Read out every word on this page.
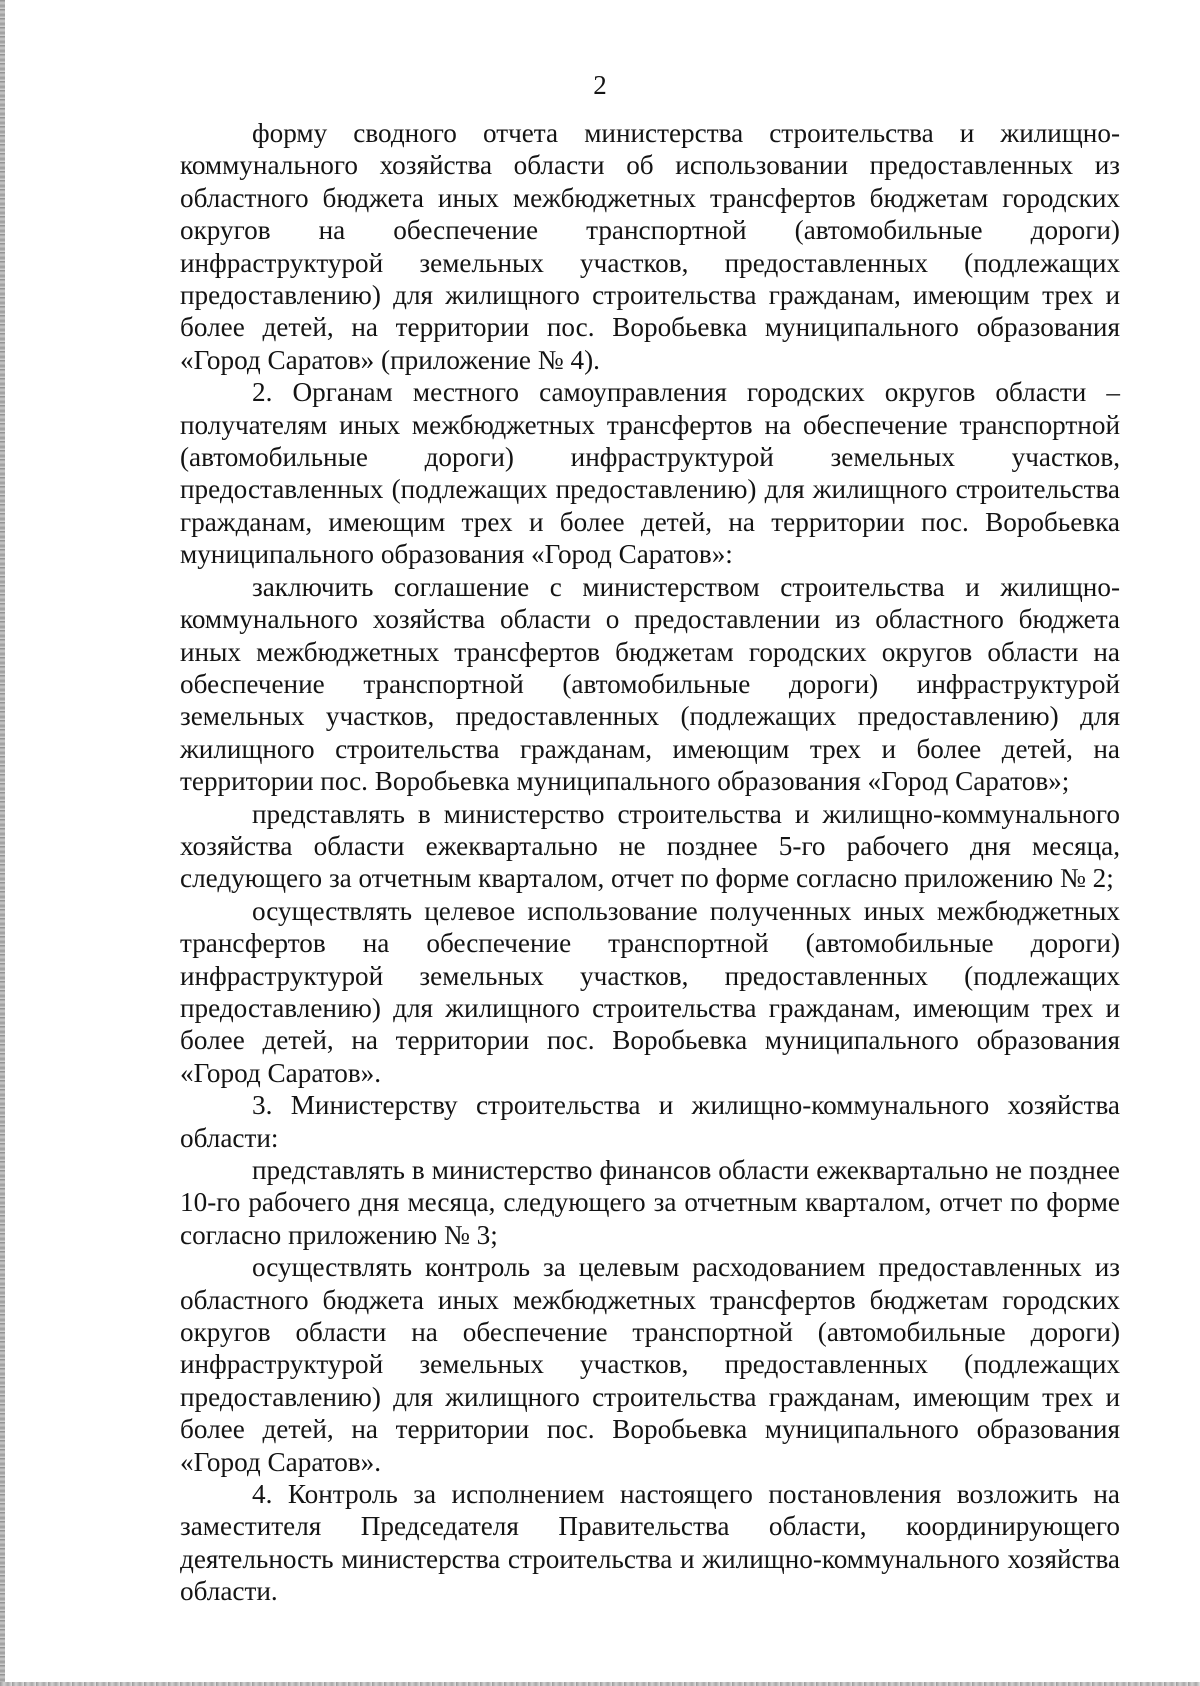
2

форму сводного отчета министерства строительства и жилищно-коммунального хозяйства области об использовании предоставленных из областного бюджета иных межбюджетных трансфертов бюджетам городских округов на обеспечение транспортной (автомобильные дороги) инфраструктурой земельных участков, предоставленных (подлежащих предоставлению) для жилищного строительства гражданам, имеющим трех и более детей, на территории пос. Воробьевка муниципального образования «Город Саратов» (приложение № 4).

2. Органам местного самоуправления городских округов области – получателям иных межбюджетных трансфертов на обеспечение транспортной (автомобильные дороги) инфраструктурой земельных участков, предоставленных (подлежащих предоставлению) для жилищного строительства гражданам, имеющим трех и более детей, на территории пос. Воробьевка муниципального образования «Город Саратов»:

заключить соглашение с министерством строительства и жилищно-коммунального хозяйства области о предоставлении из областного бюджета иных межбюджетных трансфертов бюджетам городских округов области на обеспечение транспортной (автомобильные дороги) инфраструктурой земельных участков, предоставленных (подлежащих предоставлению) для жилищного строительства гражданам, имеющим трех и более детей, на территории пос. Воробьевка муниципального образования «Город Саратов»;

представлять в министерство строительства и жилищно-коммунального хозяйства области ежеквартально не позднее 5-го рабочего дня месяца, следующего за отчетным кварталом, отчет по форме согласно приложению № 2;

осуществлять целевое использование полученных иных межбюджетных трансфертов на обеспечение транспортной (автомобильные дороги) инфраструктурой земельных участков, предоставленных (подлежащих предоставлению) для жилищного строительства гражданам, имеющим трех и более детей, на территории пос. Воробьевка муниципального образования «Город Саратов».

3. Министерству строительства и жилищно-коммунального хозяйства области:

представлять в министерство финансов области ежеквартально не позднее 10-го рабочего дня месяца, следующего за отчетным кварталом, отчет по форме согласно приложению № 3;

осуществлять контроль за целевым расходованием предоставленных из областного бюджета иных межбюджетных трансфертов бюджетам городских округов области на обеспечение транспортной (автомобильные дороги) инфраструктурой земельных участков, предоставленных (подлежащих предоставлению) для жилищного строительства гражданам, имеющим трех и более детей, на территории пос. Воробьевка муниципального образования «Город Саратов».

4. Контроль за исполнением настоящего постановления возложить на заместителя Председателя Правительства области, координирующего деятельность министерства строительства и жилищно-коммунального хозяйства области.
